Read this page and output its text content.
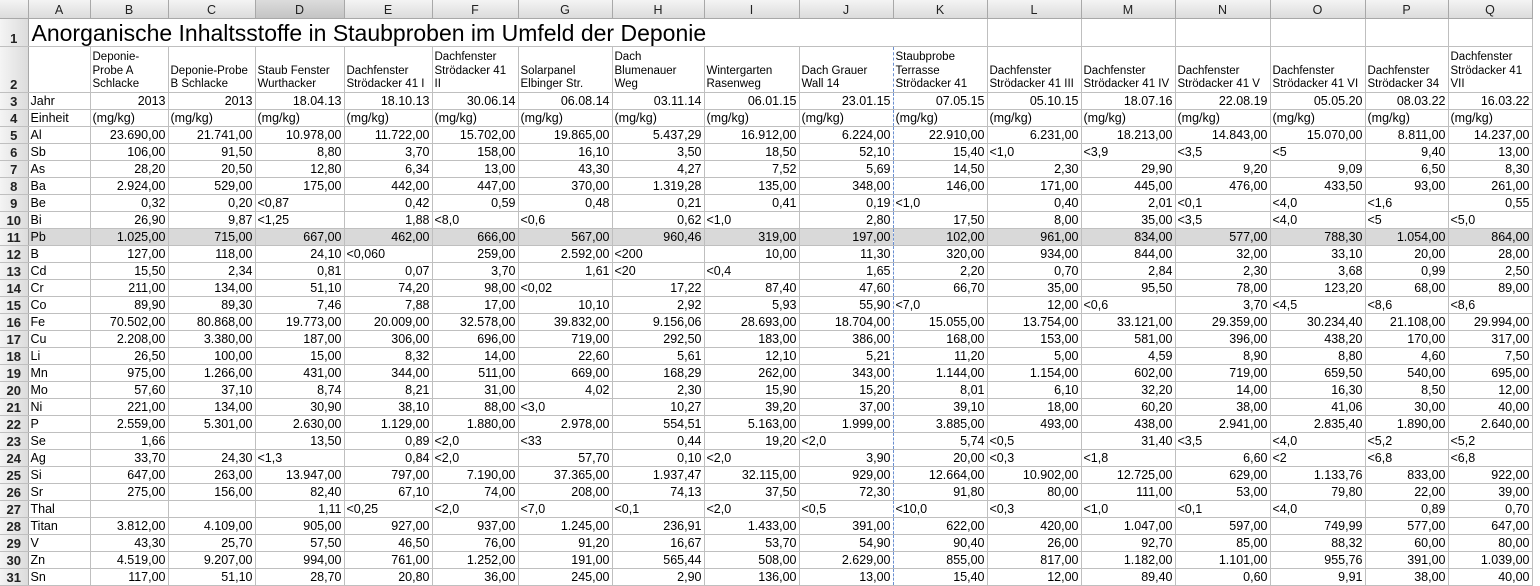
	A	B	C	D	E	F	G	H	I	J	K	L	M	N	O	P	Q
1	Anorganische Inhaltsstoffe in Staubproben im Umfeld der Deponie																
2		Deponie-Probe A Schlacke	Deponie-Probe B Schlacke	Staub Fenster Wurthacker	Dachfenster Strödacker 41 I	Dachfenster Strödacker 41 II	Solarpanel Elbinger Str.	Dach Blumenauer Weg	Wintergarten Rasenweg	Dach Grauer Wall 14	Staubprobe Terrasse Strödacker 41	Dachfenster Strödacker 41 III	Dachfenster Strödacker 41 IV	Dachfenster Strödacker 41 V	Dachfenster Strödacker 41 VI	Dachfenster Strödacker 34	Dachfenster Strödacker 41 VII
3	Jahr	2013	2013	18.04.13	18.10.13	30.06.14	06.08.14	03.11.14	06.01.15	23.01.15	07.05.15	05.10.15	18.07.16	22.08.19	05.05.20	08.03.22	16.03.22
4	Einheit	(mg/kg)	(mg/kg)	(mg/kg)	(mg/kg)	(mg/kg)	(mg/kg)	(mg/kg)	(mg/kg)	(mg/kg)	(mg/kg)	(mg/kg)	(mg/kg)	(mg/kg)	(mg/kg)	(mg/kg)	(mg/kg)
5	Al	23.690,00	21.741,00	10.978,00	11.722,00	15.702,00	19.865,00	5.437,29	16.912,00	6.224,00	22.910,00	6.231,00	18.213,00	14.843,00	15.070,00	8.811,00	14.237,00
6	Sb	106,00	91,50	8,80	3,70	158,00	16,10	3,50	18,50	52,10	15,40	<1,0	<3,9	<3,5	<5	9,40	13,00
7	As	28,20	20,50	12,80	6,34	13,00	43,30	4,27	7,52	5,69	14,50	2,30	29,90	9,20	9,09	6,50	8,30
8	Ba	2.924,00	529,00	175,00	442,00	447,00	370,00	1.319,28	135,00	348,00	146,00	171,00	445,00	476,00	433,50	93,00	261,00
9	Be	0,32	0,20	<0,87	0,42	0,59	0,48	0,21	0,41	0,19	<1,0	0,40	2,01	<0,1	<4,0	<1,6	0,55
10	Bi	26,90	9,87	<1,25	1,88	<8,0	<0,6	0,62	<1,0	2,80	17,50	8,00	35,00	<3,5	<4,0	<5	<5,0
11	Pb	1.025,00	715,00	667,00	462,00	666,00	567,00	960,46	319,00	197,00	102,00	961,00	834,00	577,00	788,30	1.054,00	864,00
12	B	127,00	118,00	24,10	<0,060	259,00	2.592,00	<200	10,00	11,30	320,00	934,00	844,00	32,00	33,10	20,00	28,00
13	Cd	15,50	2,34	0,81	0,07	3,70	1,61	<20	<0,4	1,65	2,20	0,70	2,84	2,30	3,68	0,99	2,50
14	Cr	211,00	134,00	51,10	74,20	98,00	<0,02	17,22	87,40	47,60	66,70	35,00	95,50	78,00	123,20	68,00	89,00
15	Co	89,90	89,30	7,46	7,88	17,00	10,10	2,92	5,93	55,90	<7,0	12,00	<0,6	3,70	<4,5	<8,6	<8,6
16	Fe	70.502,00	80.868,00	19.773,00	20.009,00	32.578,00	39.832,00	9.156,06	28.693,00	18.704,00	15.055,00	13.754,00	33.121,00	29.359,00	30.234,40	21.108,00	29.994,00
17	Cu	2.208,00	3.380,00	187,00	306,00	696,00	719,00	292,50	183,00	386,00	168,00	153,00	581,00	396,00	438,20	170,00	317,00
18	Li	26,50	100,00	15,00	8,32	14,00	22,60	5,61	12,10	5,21	11,20	5,00	4,59	8,90	8,80	4,60	7,50
19	Mn	975,00	1.266,00	431,00	344,00	511,00	669,00	168,29	262,00	343,00	1.144,00	1.154,00	602,00	719,00	659,50	540,00	695,00
20	Mo	57,60	37,10	8,74	8,21	31,00	4,02	2,30	15,90	15,20	8,01	6,10	32,20	14,00	16,30	8,50	12,00
21	Ni	221,00	134,00	30,90	38,10	88,00	<3,0	10,27	39,20	37,00	39,10	18,00	60,20	38,00	41,06	30,00	40,00
22	P	2.559,00	5.301,00	2.630,00	1.129,00	1.880,00	2.978,00	554,51	5.163,00	1.999,00	3.885,00	493,00	438,00	2.941,00	2.835,40	1.890,00	2.640,00
23	Se	1,66		13,50	0,89	<2,0	<33	0,44	19,20	<2,0	5,74	<0,5	31,40	<3,5	<4,0	<5,2	<5,2
24	Ag	33,70	24,30	<1,3	0,84	<2,0	57,70	0,10	<2,0	3,90	20,00	<0,3	<1,8	6,60	<2	<6,8	<6,8
25	Si	647,00	263,00	13.947,00	797,00	7.190,00	37.365,00	1.937,47	32.115,00	929,00	12.664,00	10.902,00	12.725,00	629,00	1.133,76	833,00	922,00
26	Sr	275,00	156,00	82,40	67,10	74,00	208,00	74,13	37,50	72,30	91,80	80,00	111,00	53,00	79,80	22,00	39,00
27	Thal			1,11	<0,25	<2,0	<7,0	<0,1	<2,0	<0,5	<10,0	<0,3	<1,0	<0,1	<4,0	0,89	0,70
28	Titan	3.812,00	4.109,00	905,00	927,00	937,00	1.245,00	236,91	1.433,00	391,00	622,00	420,00	1.047,00	597,00	749,99	577,00	647,00
29	V	43,30	25,70	57,50	46,50	76,00	91,20	16,67	53,70	54,90	90,40	26,00	92,70	85,00	88,32	60,00	80,00
30	Zn	4.519,00	9.207,00	994,00	761,00	1.252,00	191,00	565,44	508,00	2.629,00	855,00	817,00	1.182,00	1.101,00	955,76	391,00	1.039,00
31	Sn	117,00	51,10	28,70	20,80	36,00	245,00	2,90	136,00	13,00	15,40	12,00	89,40	0,60	9,91	38,00	40,00
